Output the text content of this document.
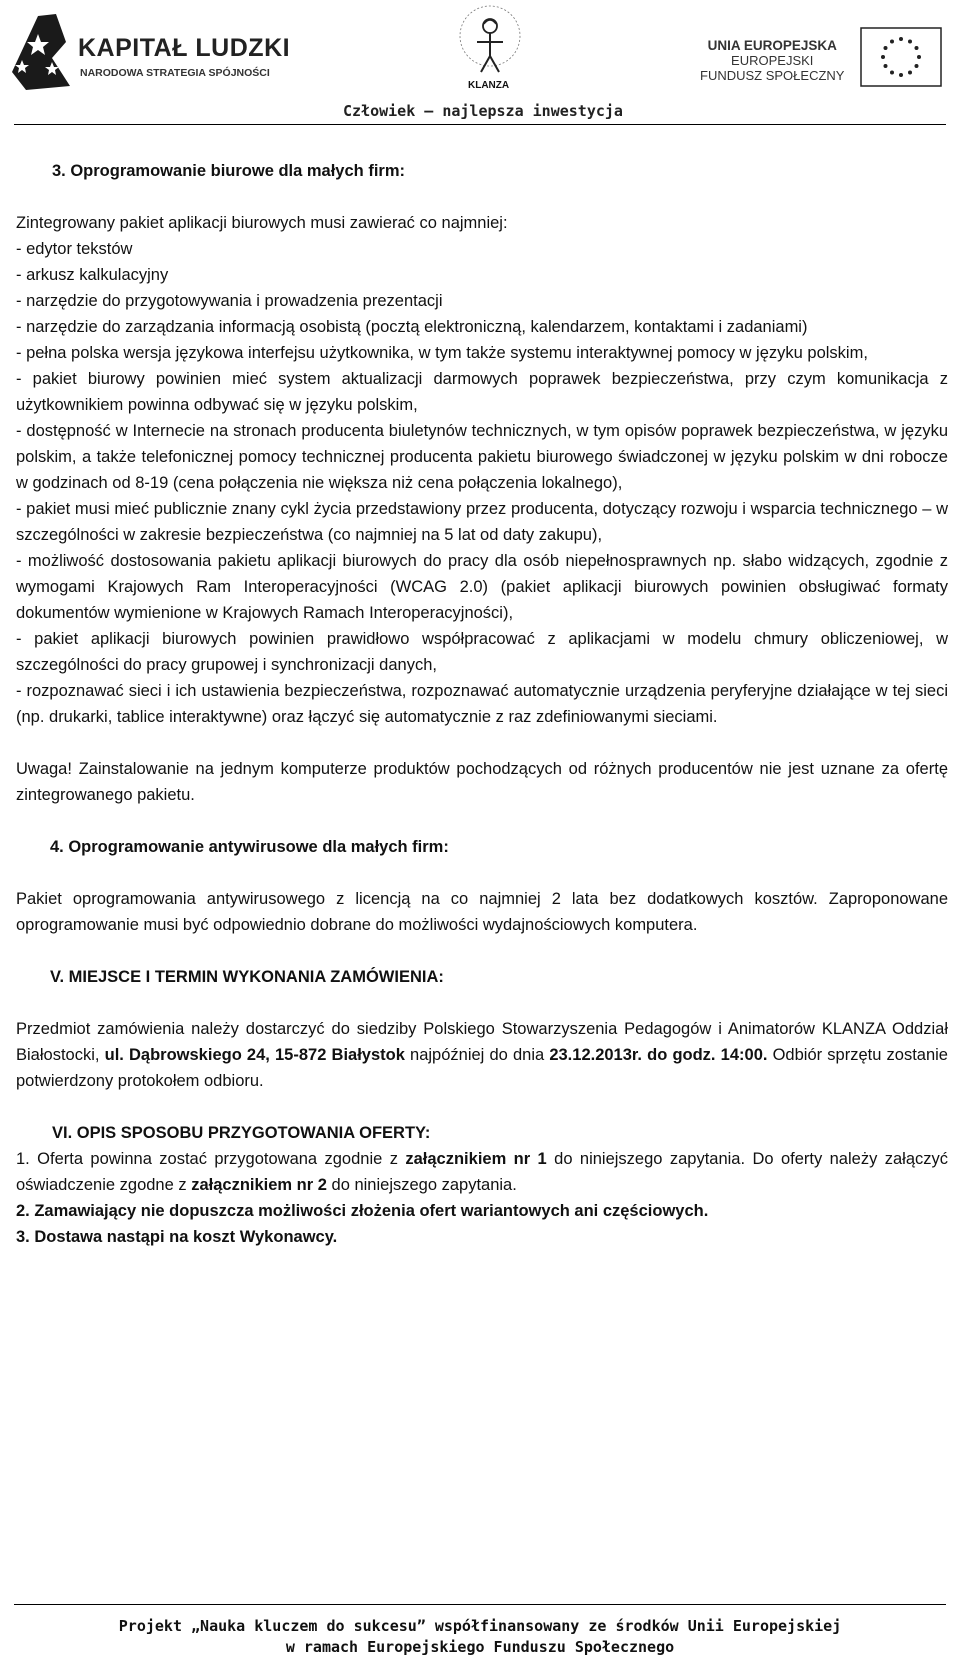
KAPITAŁ LUDZKI
NARODOWA STRATEGIA SPÓJNOŚCI
KLANZA
UNIA EUROPEJSKA
EUROPEJSKI
FUNDUSZ SPOŁECZNY
Człowiek – najlepsza inwestycja

3. Oprogramowanie biurowe dla małych firm:

Zintegrowany pakiet aplikacji biurowych musi zawierać co najmniej:

- edytor tekstów

- arkusz kalkulacyjny

- narzędzie do przygotowywania i prowadzenia prezentacji

- narzędzie do zarządzania informacją osobistą (pocztą elektroniczną, kalendarzem, kontaktami i zadaniami)

- pełna polska wersja językowa interfejsu użytkownika, w tym także systemu interaktywnej pomocy w języku polskim,

- pakiet biurowy powinien mieć system aktualizacji darmowych poprawek bezpieczeństwa, przy czym komunikacja z użytkownikiem powinna odbywać się w języku polskim,

- dostępność w Internecie na stronach producenta biuletynów technicznych, w tym opisów poprawek bezpieczeństwa, w języku polskim, a także telefonicznej pomocy technicznej producenta pakietu biurowego świadczonej w języku polskim w dni robocze w godzinach od 8-19 (cena połączenia nie większa niż cena połączenia lokalnego),

- pakiet musi mieć publicznie znany cykl życia przedstawiony przez producenta, dotyczący rozwoju i wsparcia technicznego – w szczególności w zakresie bezpieczeństwa (co najmniej na 5 lat od daty zakupu),

- możliwość dostosowania pakietu aplikacji biurowych do pracy dla osób niepełnosprawnych np. słabo widzących, zgodnie z wymogami Krajowych Ram Interoperacyjności (WCAG 2.0) (pakiet aplikacji biurowych powinien obsługiwać formaty dokumentów wymienione w Krajowych Ramach Interoperacyjności),

- pakiet aplikacji biurowych powinien prawidłowo współpracować z aplikacjami w modelu chmury obliczeniowej, w szczególności do pracy grupowej i synchronizacji danych,

- rozpoznawać sieci i ich ustawienia bezpieczeństwa, rozpoznawać automatycznie urządzenia peryferyjne działające w tej sieci (np. drukarki, tablice interaktywne) oraz łączyć się automatycznie z raz zdefiniowanymi sieciami.

Uwaga! Zainstalowanie na jednym komputerze produktów pochodzących od różnych producentów nie jest uznane za ofertę zintegrowanego pakietu.

4. Oprogramowanie antywirusowe dla małych firm:

Pakiet oprogramowania antywirusowego z licencją na co najmniej 2 lata bez dodatkowych kosztów. Zaproponowane oprogramowanie musi być odpowiednio dobrane do możliwości wydajnościowych komputera.

V. MIEJSCE I TERMIN WYKONANIA ZAMÓWIENIA:

Przedmiot zamówienia należy dostarczyć do siedziby Polskiego Stowarzyszenia Pedagogów i Animatorów KLANZA Oddział Białostocki, ul. Dąbrowskiego 24, 15-872 Białystok najpóźniej do dnia 23.12.2013r. do godz. 14:00. Odbiór sprzętu zostanie potwierdzony protokołem odbioru.

VI. OPIS SPOSOBU PRZYGOTOWANIA OFERTY:

1. Oferta powinna zostać przygotowana zgodnie z załącznikiem nr 1 do niniejszego zapytania. Do oferty należy załączyć oświadczenie zgodne z załącznikiem nr 2 do niniejszego zapytania.

2. Zamawiający nie dopuszcza możliwości złożenia ofert wariantowych ani częściowych.

3. Dostawa nastąpi na koszt Wykonawcy.

Projekt „Nauka kluczem do sukcesu” współfinansowany ze środków Unii Europejskiej
w ramach Europejskiego Funduszu Społecznego
